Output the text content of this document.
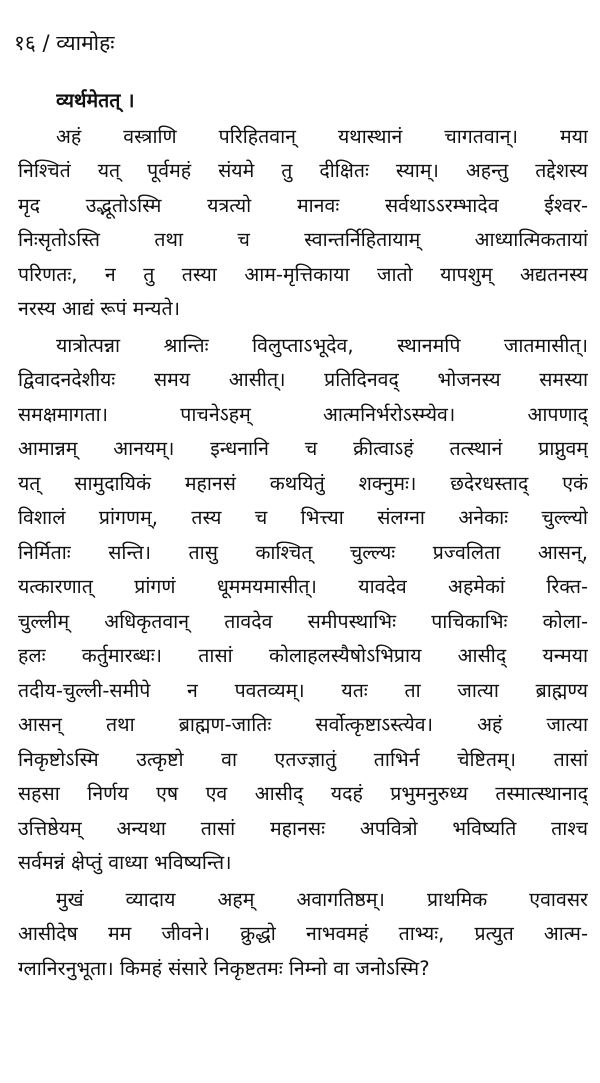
१६ / व्यामोहः
व्यर्थमेतत् ।
अहं वस्त्राणि परिहितवान् यथास्थानं चागतवान्। मया
निश्चितं यत् पूर्वमहं संयमे तु दीक्षितः स्याम्। अहन्तु तद्देशस्य
मृद उद्भूतोऽस्मि यत्रत्यो मानवः सर्वथाऽऽरम्भादेव ईश्वर-
निःसृतोऽस्ति तथा च स्वान्तर्निहितायाम् आध्यात्मिकतायां
परिणतः, न तु तस्या आम-मृत्तिकाया जातो यापशुम् अद्यतनस्य
नरस्य आद्यं रूपं मन्यते।
यात्रोत्पन्ना श्रान्तिः विलुप्ताऽभूदेव, स्थानमपि जातमासीत्।
द्विवादनदेशीयः समय आसीत्। प्रतिदिनवद् भोजनस्य समस्या
समक्षमागता। पाचनेऽहम् आत्मनिर्भरोऽस्म्येव। आपणाद्
आमान्नम् आनयम्। इन्धनानि च क्रीत्वाऽहं तत्स्थानं प्राप्नुवम्
यत् सामुदायिकं महानसं कथयितुं शक्नुमः। छदेरधस्ताद् एकं
विशालं प्रांगणम्, तस्य च भित्त्या संलग्ना अनेकाः चुल्ल्यो
निर्मिताः सन्ति। तासु काश्चित् चुल्ल्यः प्रज्वलिता आसन्,
यत्कारणात् प्रांगणं धूममयमासीत्। यावदेव अहमेकां रिक्त-
चुल्लीम् अधिकृतवान् तावदेव समीपस्थाभिः पाचिकाभिः कोला-
हलः कर्तुमारब्धः। तासां कोलाहलस्यैषोऽभिप्राय आसीद् यन्मया
तदीय-चुल्ली-समीपे न पवतव्यम्। यतः ता जात्या ब्राह्मण्य
आसन् तथा ब्राह्मण-जातिः सर्वोत्कृष्टाऽस्त्येव। अहं जात्या
निकृष्टोऽस्मि उत्कृष्टो वा एतज्ज्ञातुं ताभिर्न चेष्टितम्। तासां
सहसा निर्णय एष एव आसीद् यदहं प्रभुमनुरुध्य तस्मात्स्थानाद्
उत्तिष्ठेयम् अन्यथा तासां महानसः अपवित्रो भविष्यति ताश्च
सर्वमन्नं क्षेप्तुं वाध्या भविष्यन्ति।
मुखं व्यादाय अहम् अवागतिष्ठम्। प्राथमिक एवावसर
आसीदेष मम जीवने। क्रुद्धो नाभवमहं ताभ्यः, प्रत्युत आत्म-
ग्लानिरनुभूता। किमहं संसारे निकृष्टतमः निम्नो वा जनोऽस्मि?
